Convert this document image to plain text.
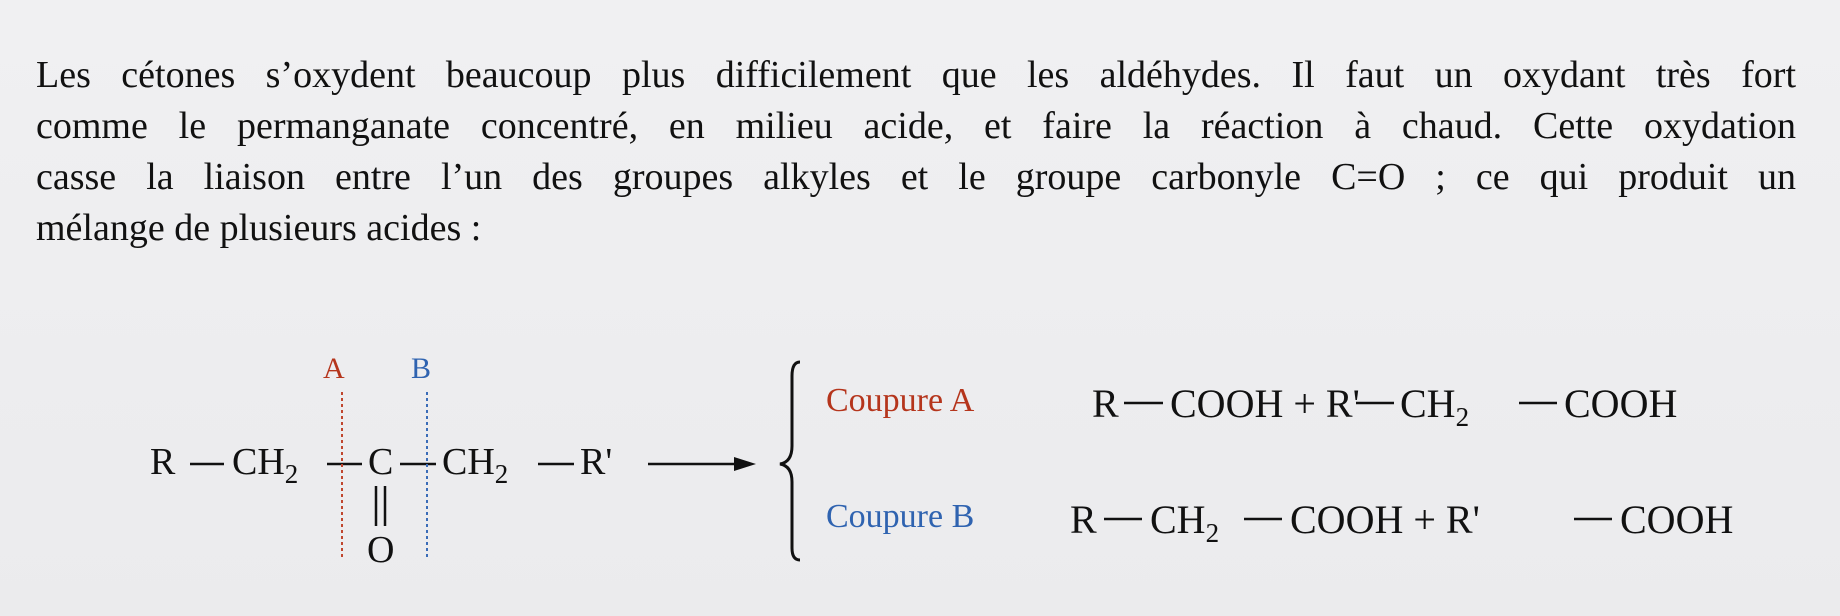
Les cétones s’oxydent beaucoup plus difficilement que les aldéhydes. Il faut un oxydant très fort
comme le permanganate concentré, en milieu acide, et faire la réaction à chaud. Cette oxydation
casse la liaison entre l’un des groupes alkyles et le groupe carbonyle C=O ; ce qui produit un
mélange de plusieurs acides :
A B
R $CH_2$ C $CH_2$ R'
O
Coupure A	R COOH + R' $CH_2$ COOH
Coupure B R $CH_2$ COOH + R'	COOH
